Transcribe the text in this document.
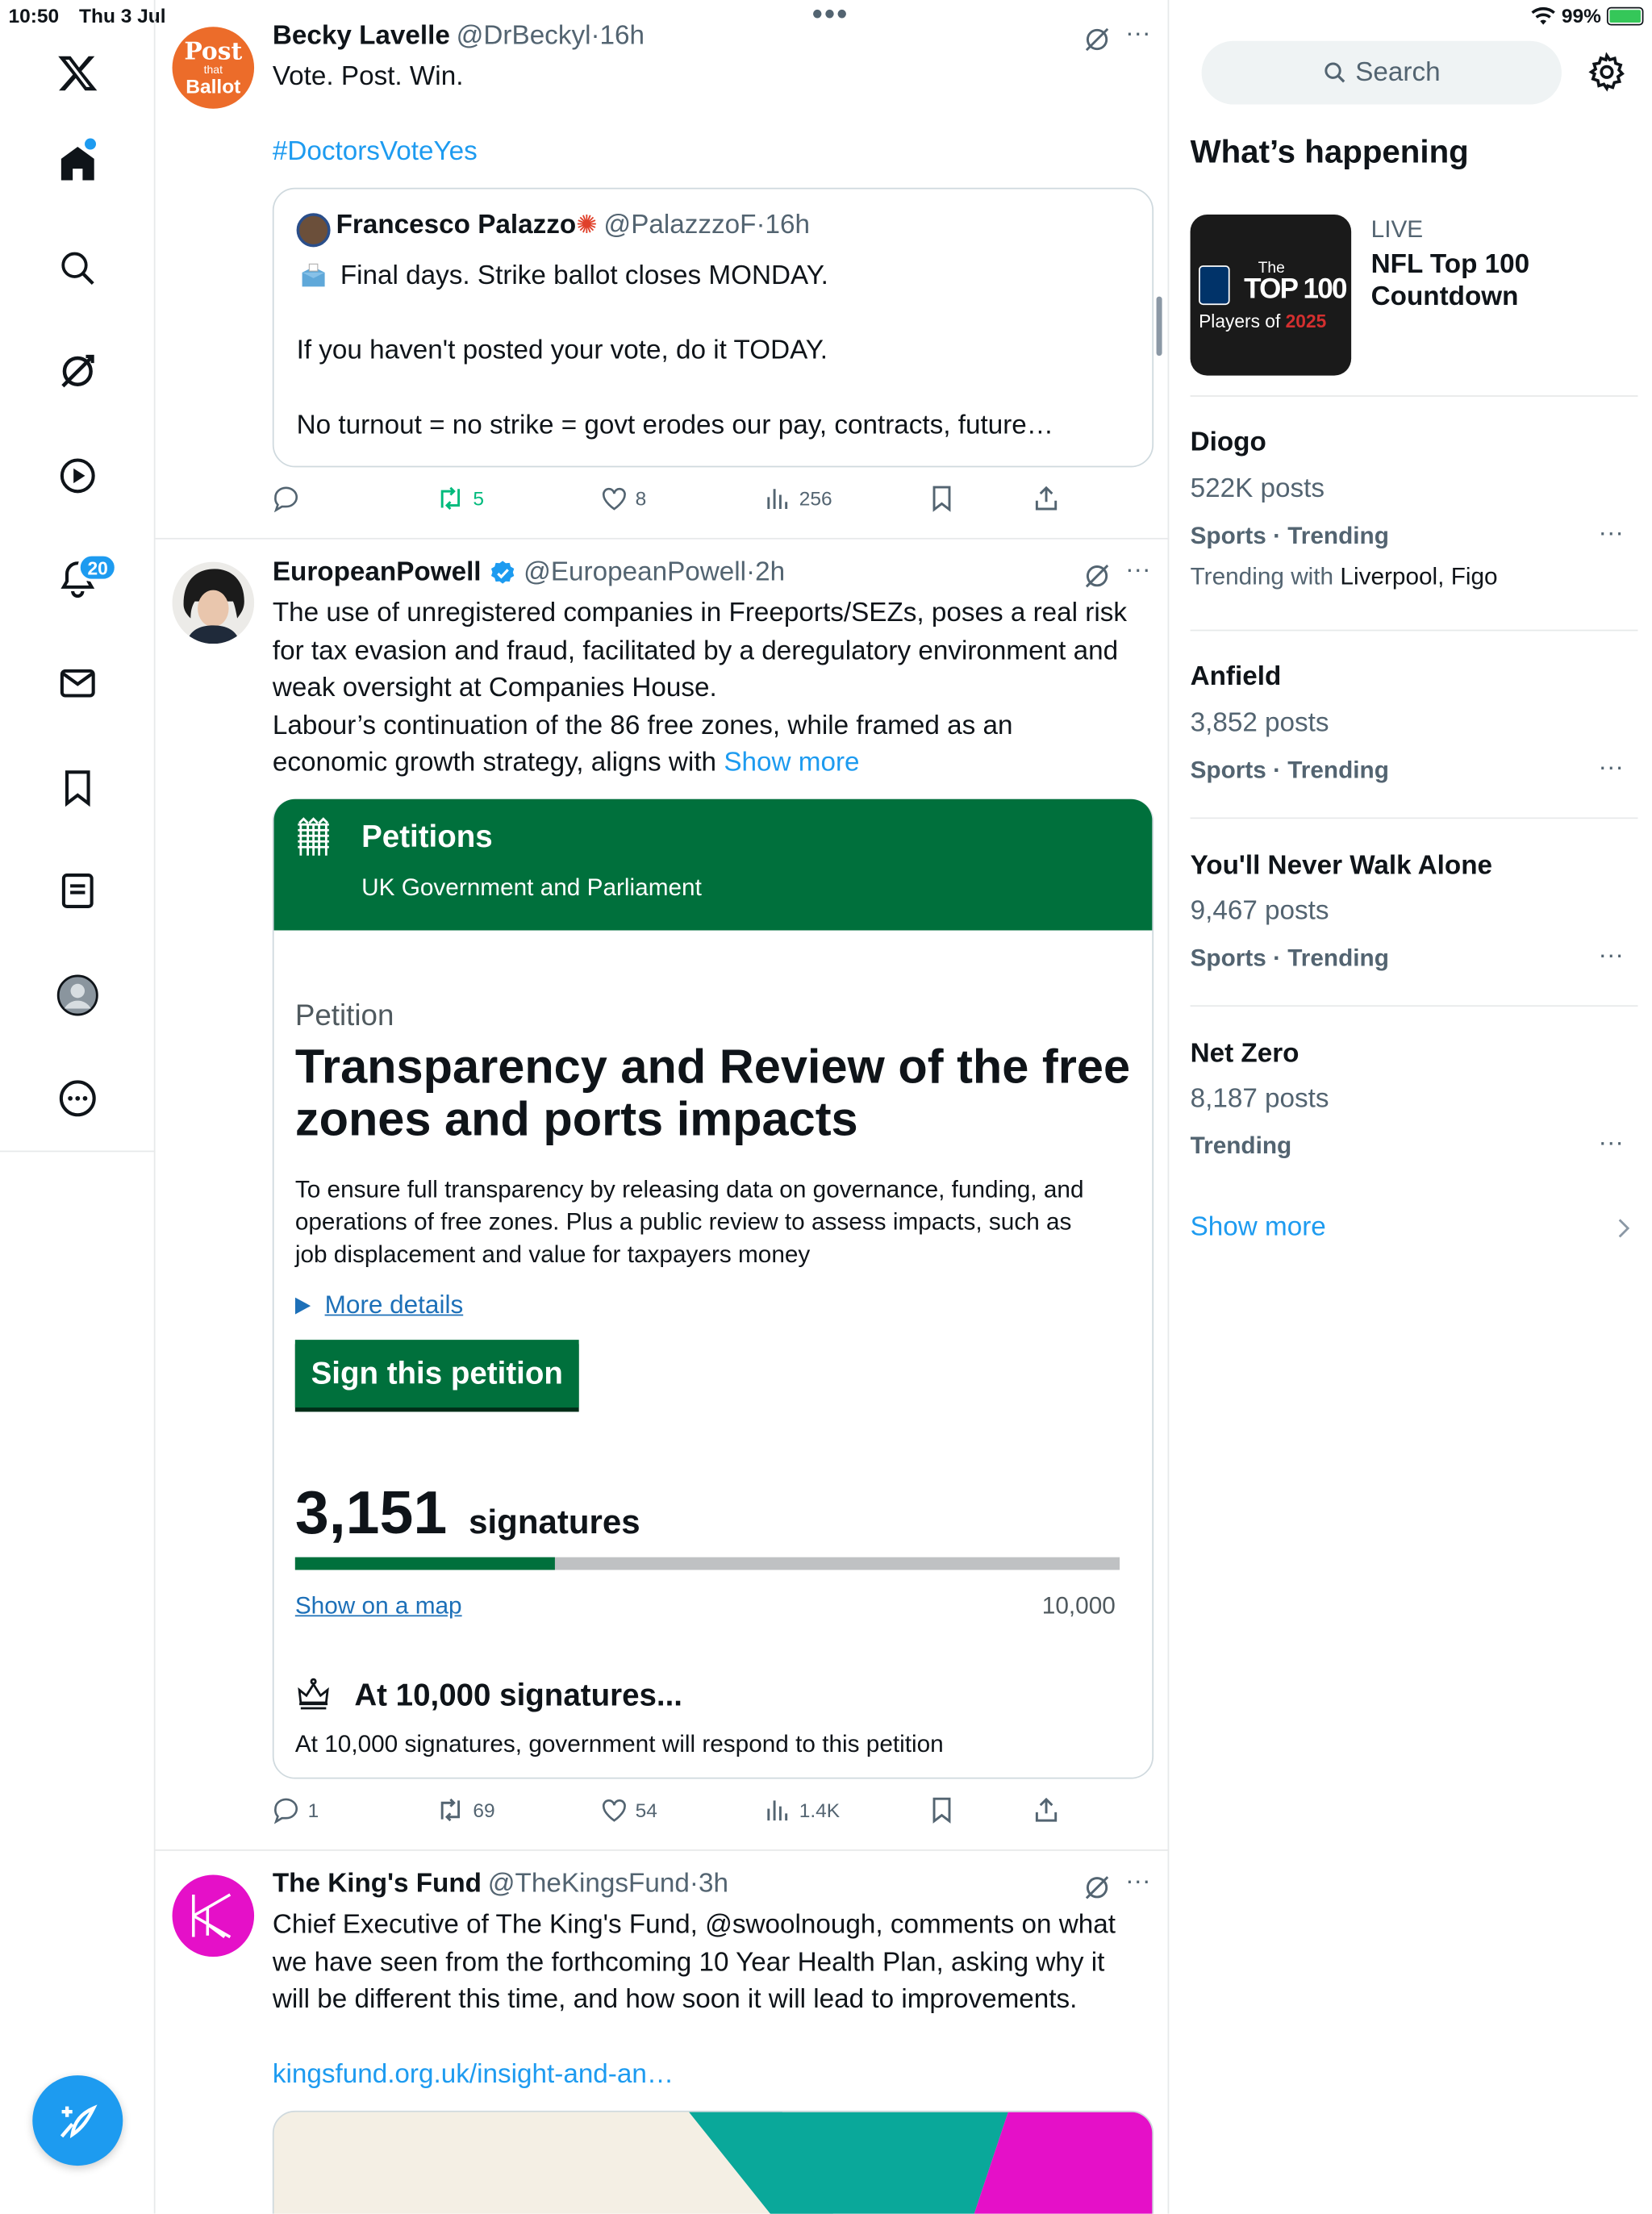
10:50 Thu 3 Jul	•••	99%
20
Post
that
Ballot
Becky Lavelle @DrBeckyl·16h	···
Vote. Post. Win.
#DoctorsVoteYes
Francesco Palazzo✺ @PalazzzoF·16h
Final days. Strike ballot closes MONDAY.
If you haven't posted your vote, do it TODAY.
No turnout = no strike = govt erodes our pay, contracts, future…
5	8	256
EuropeanPowell	@EuropeanPowell·2h	···
The use of unregistered companies in Freeports/SEZs, poses a real risk
for tax evasion and fraud, facilitated by a deregulatory environment and
weak oversight at Companies House.
Labour’s continuation of the 86 free zones, while framed as an
economic growth strategy, aligns with Show more
Petitions
UK Government and Parliament
Petition
Transparency and Review of the free
zones and ports impacts
To ensure full transparency by releasing data on governance, funding, and
operations of free zones. Plus a public review to assess impacts, such as
job displacement and value for taxpayers money
More details
Sign this petition
3,151 signatures
Show on a map	10,000
At 10,000 signatures...
At 10,000 signatures, government will respond to this petition
1	69	54	1.4K
The King's Fund @TheKingsFund·3h	···
Chief Executive of The King's Fund, @swoolnough, comments on what
we have seen from the forthcoming 10 Year Health Plan, asking why it
will be different this time, and how soon it will lead to improvements.
kingsfund.org.uk/insight-and-an…
Search
What’s happening
The
TOP 100
Players of 2025
LIVE
NFL Top 100
Countdown
Diogo
522K posts
Sports · Trending	···
Trending with Liverpool, Figo
Anfield
3,852 posts
Sports · Trending	···
You'll Never Walk Alone
9,467 posts
Sports · Trending	···
Net Zero
8,187 posts
Trending	···
Show more
